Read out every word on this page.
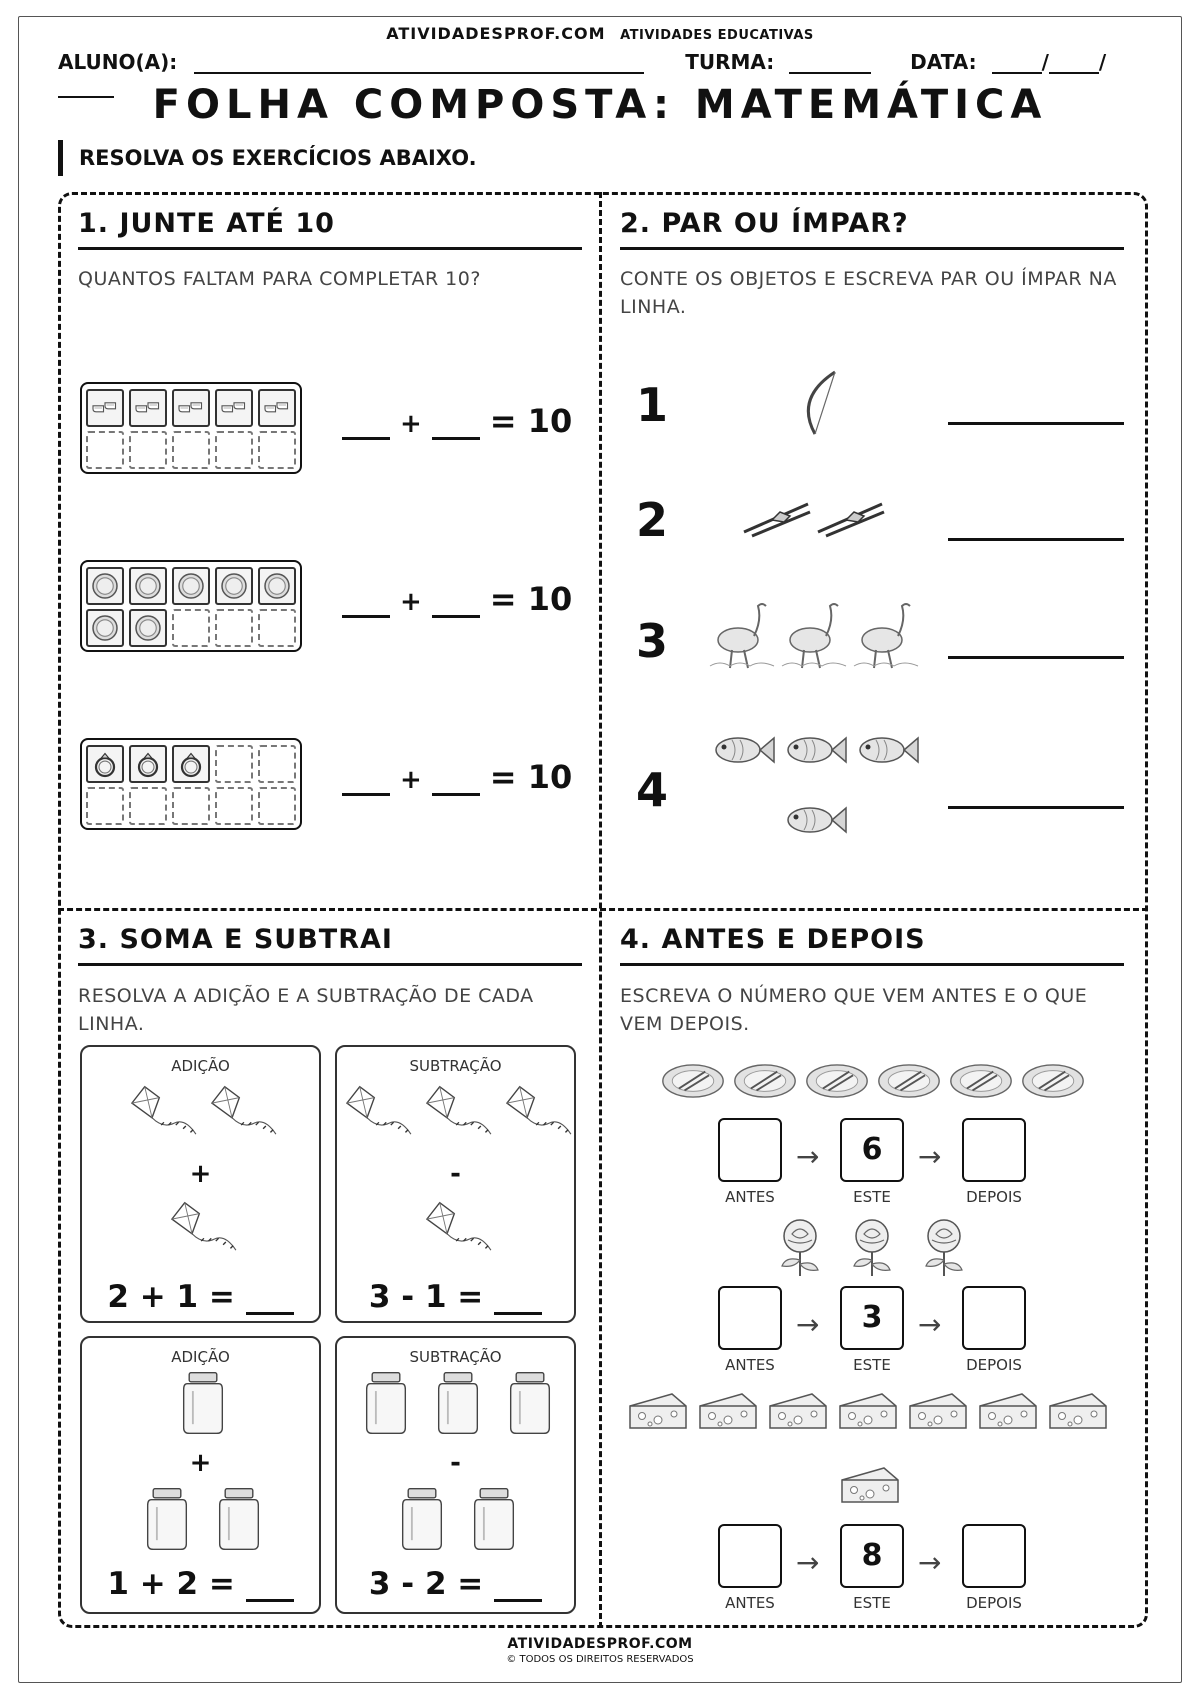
ATIVIDADESPROF.COM ATIVIDADES EDUCATIVAS
ALUNO(A):	TURMA:	DATA:	/	/
FOLHA COMPOSTA: MATEMÁTICA
RESOLVA OS EXERCÍCIOS ABAIXO.
1. JUNTE ATÉ 10
QUANTOS FALTAM PARA COMPLETAR 10?
+ = 10
+ = 10
+ = 10
2. PAR OU ÍMPAR?
CONTE OS OBJETOS E ESCREVA PAR OU ÍMPAR NA LINHA.
1
2
3
4
3. SOMA E SUBTRAI
RESOLVA A ADIÇÃO E A SUBTRAÇÃO DE CADA LINHA.
ADIÇÃO
+
2 + 1 =
SUBTRAÇÃO
-
3 - 1 =
ADIÇÃO
+
1 + 2 =
SUBTRAÇÃO
-
3 - 2 =
4. ANTES E DEPOIS
ESCREVA O NÚMERO QUE VEM ANTES E O QUE VEM DEPOIS.
→	6	→
ANTES	ESTE	DEPOIS
→	3	→
ANTES	ESTE	DEPOIS
→	8	→
ANTES	ESTE	DEPOIS
ATIVIDADESPROF.COM
© TODOS OS DIREITOS RESERVADOS
